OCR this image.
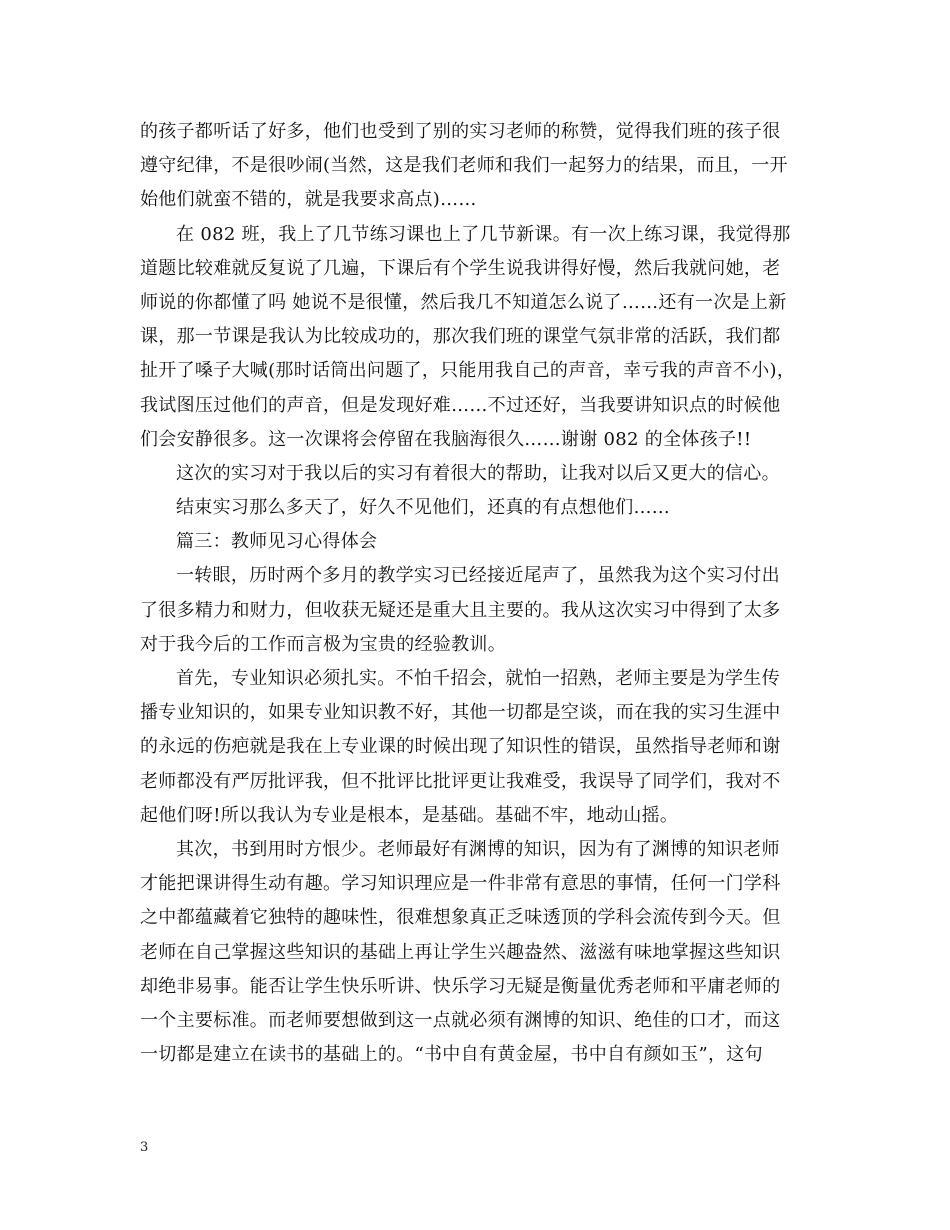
的孩子都听话了好多，他们也受到了别的实习老师的称赞，觉得我们班的孩子很
遵守纪律，不是很吵闹(当然，这是我们老师和我们一起努力的结果，而且，一开
始他们就蛮不错的，就是我要求高点)……
在 082 班，我上了几节练习课也上了几节新课。有一次上练习课，我觉得那
道题比较难就反复说了几遍，下课后有个学生说我讲得好慢，然后我就问她，老
师说的你都懂了吗 她说不是很懂，然后我几不知道怎么说了……还有一次是上新
课，那一节课是我认为比较成功的，那次我们班的课堂气氛非常的活跃，我们都
扯开了嗓子大喊(那时话筒出问题了，只能用我自己的声音，幸亏我的声音不小)，
我试图压过他们的声音，但是发现好难……不过还好，当我要讲知识点的时候他
们会安静很多。这一次课将会停留在我脑海很久……谢谢 082 的全体孩子!!
这次的实习对于我以后的实习有着很大的帮助，让我对以后又更大的信心。
结束实习那么多天了，好久不见他们，还真的有点想他们……
篇三：教师见习心得体会
一转眼，历时两个多月的教学实习已经接近尾声了，虽然我为这个实习付出
了很多精力和财力，但收获无疑还是重大且主要的。我从这次实习中得到了太多
对于我今后的工作而言极为宝贵的经验教训。
首先，专业知识必须扎实。不怕千招会，就怕一招熟，老师主要是为学生传
播专业知识的，如果专业知识教不好，其他一切都是空谈，而在我的实习生涯中
的永远的伤疤就是我在上专业课的时候出现了知识性的错误，虽然指导老师和谢
老师都没有严厉批评我，但不批评比批评更让我难受，我误导了同学们，我对不
起他们呀!所以我认为专业是根本，是基础。基础不牢，地动山摇。
其次，书到用时方恨少。老师最好有渊博的知识，因为有了渊博的知识老师
才能把课讲得生动有趣。学习知识理应是一件非常有意思的事情，任何一门学科
之中都蕴藏着它独特的趣味性，很难想象真正乏味透顶的学科会流传到今天。但
老师在自己掌握这些知识的基础上再让学生兴趣盎然、滋滋有味地掌握这些知识
却绝非易事。能否让学生快乐听讲、快乐学习无疑是衡量优秀老师和平庸老师的
一个主要标准。而老师要想做到这一点就必须有渊博的知识、绝佳的口才，而这
一切都是建立在读书的基础上的。“书中自有黄金屋，书中自有颜如玉”，这句
3
